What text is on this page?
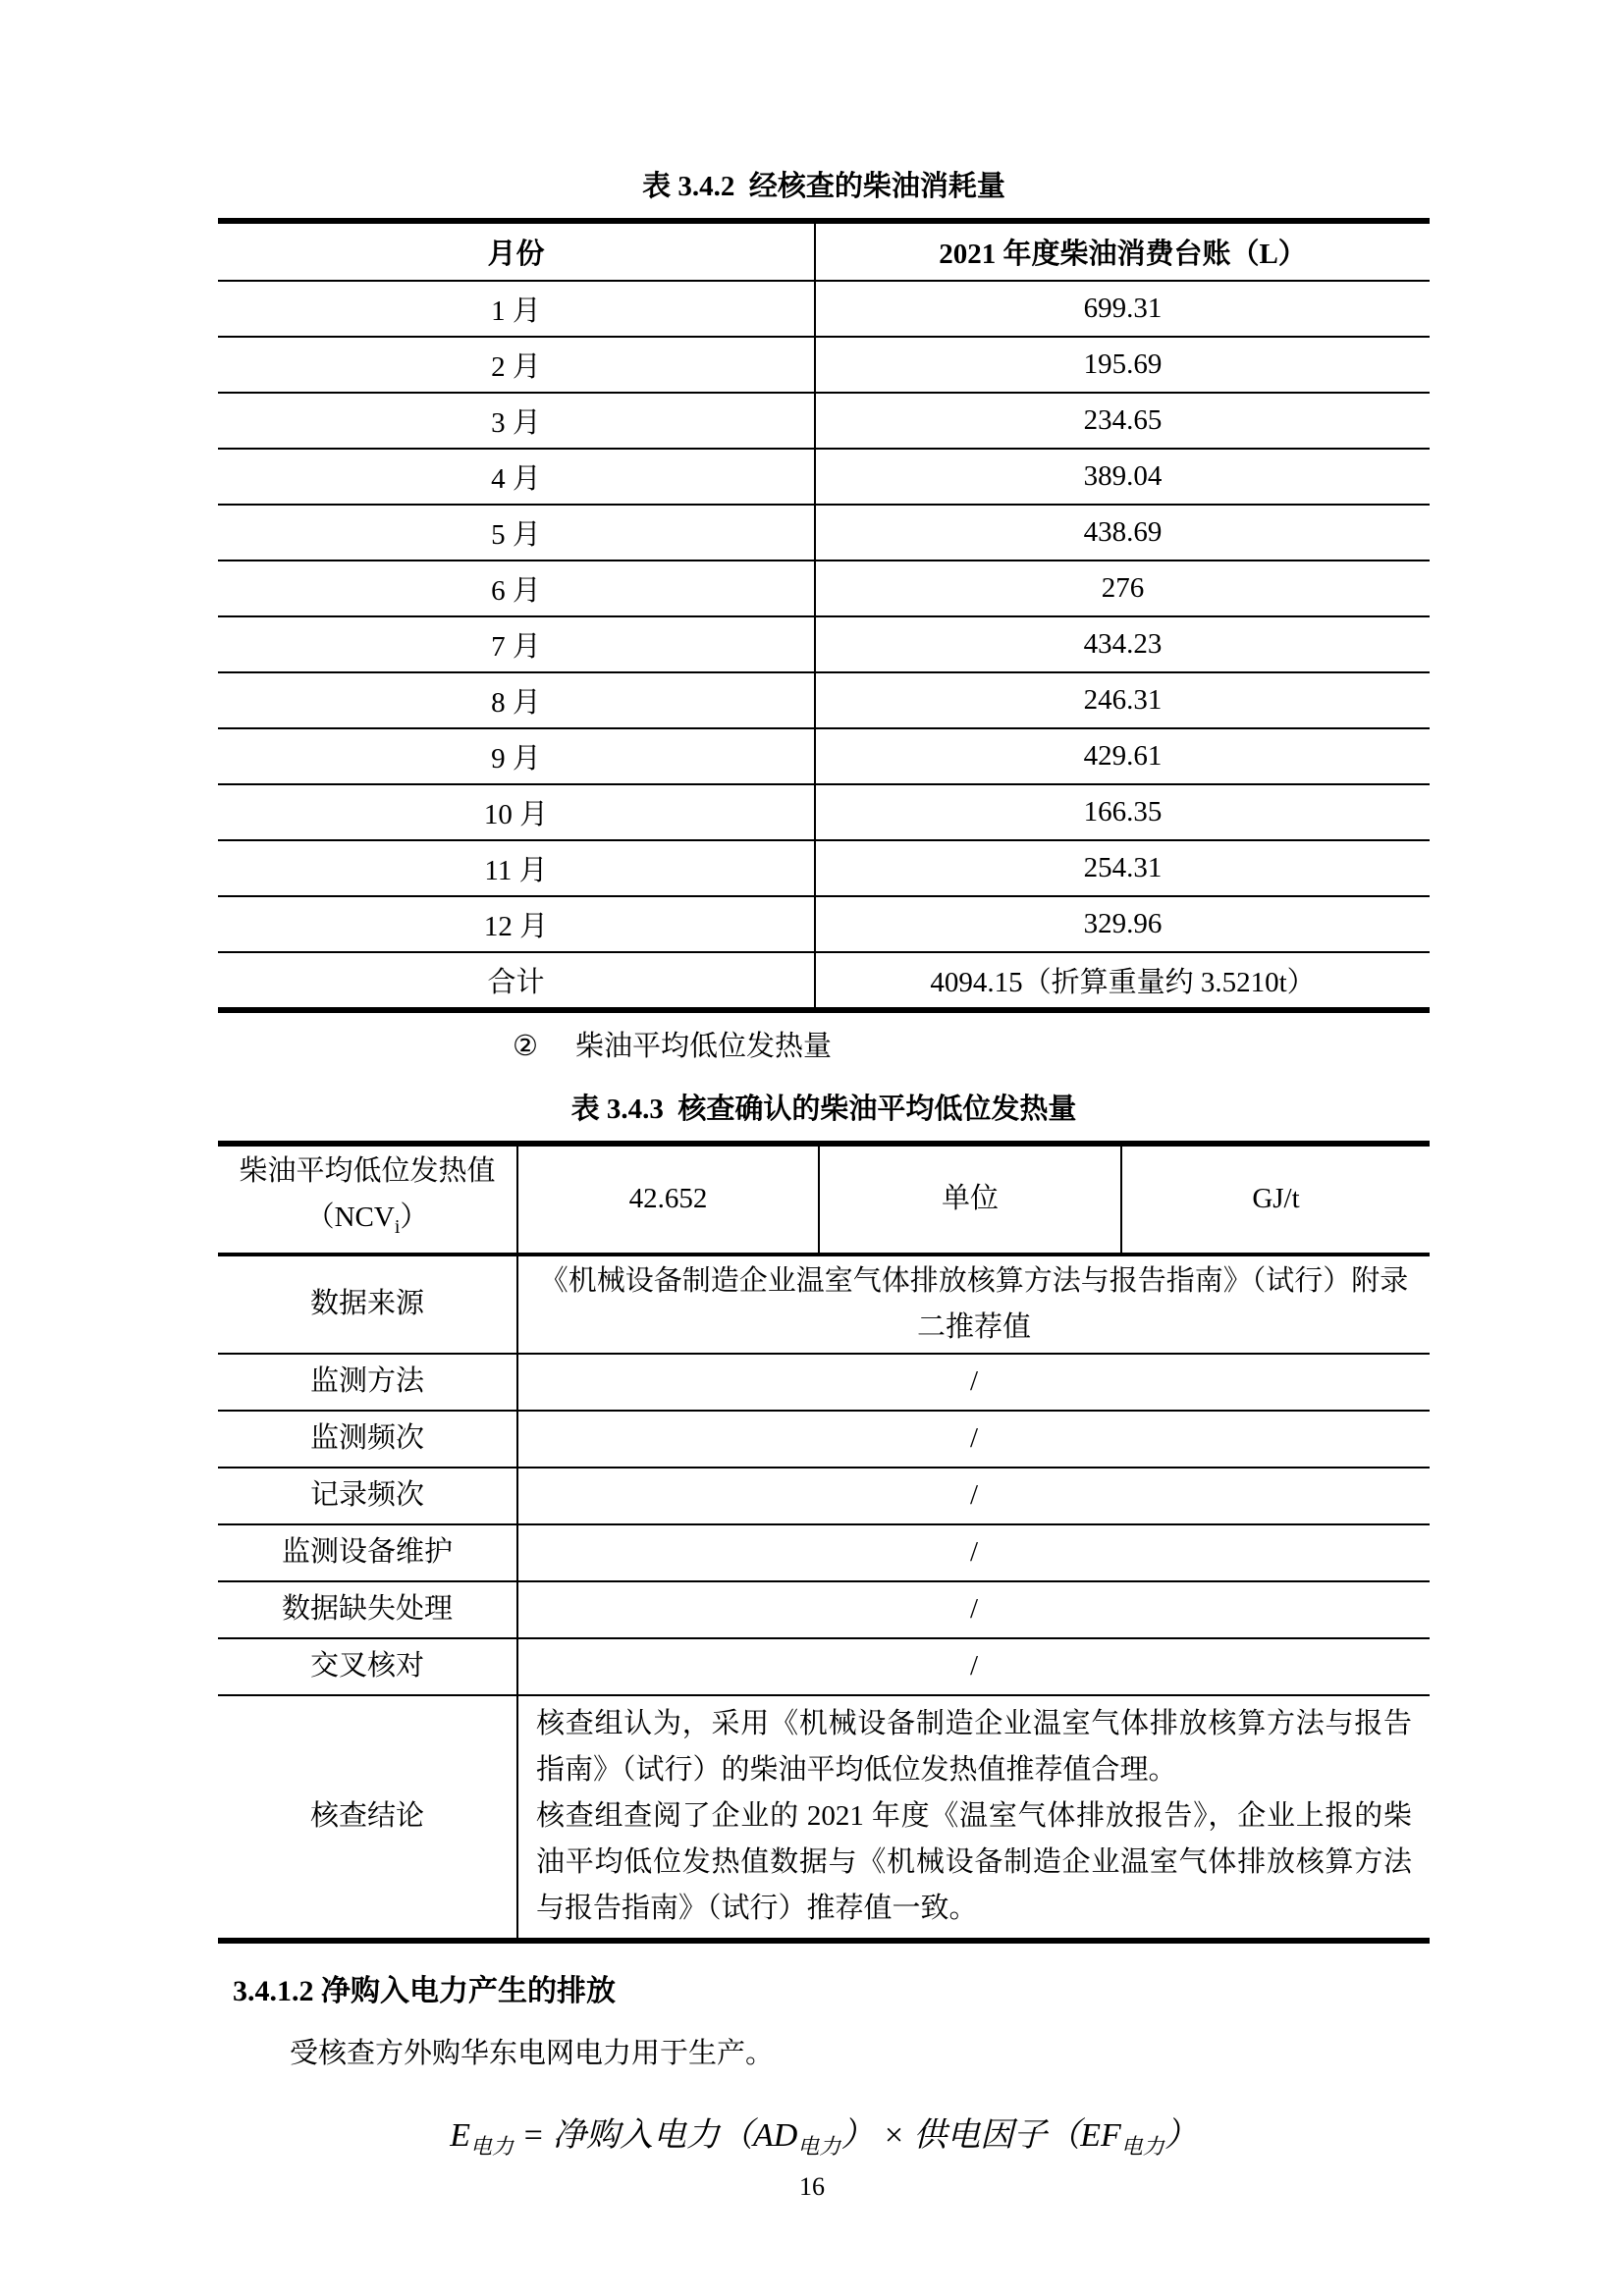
表 3.4.2  经核查的柴油消耗量
月份	2021 年度柴油消费台账（L）
1 月	699.31
2 月	195.69
3 月	234.65
4 月	389.04
5 月	438.69
6 月	276
7 月	434.23
8 月	246.31
9 月	429.61
10 月	166.35
11 月	254.31
12 月	329.96
合计	4094.15（折算重量约 3.5210t）
② 柴油平均低位发热量
表 3.4.3  核查确认的柴油平均低位发热量
柴油平均低位发热值
$(NCV_i)$	42.652	单位	GJ/t
数据来源	《机械设备制造企业温室气体排放核算方法与报告指南》（试行）附录二推荐值		
监测方法	/		
监测频次	/		
记录频次	/		
监测设备维护	/		
数据缺失处理	/		
交叉核对	/		
核查结论	核查组认为，采用《机械设备制造企业温室气体排放核算方法与报告指南》（试行）的柴油平均低位发热值推荐值合理。

核查组查阅了企业的 2021 年度《温室气体排放报告》，企业上报的柴油平均低位发热值数据与《机械设备制造企业温室气体排放核算方法与报告指南》（试行）推荐值一致。		

3.4.1.2 净购入电力产生的排放
受核查方外购华东电网电力用于生产。
$E_{电力}$ = 净购入电力$(AD_{电力})$ × 供电因子$(EF_{电力})$
16
